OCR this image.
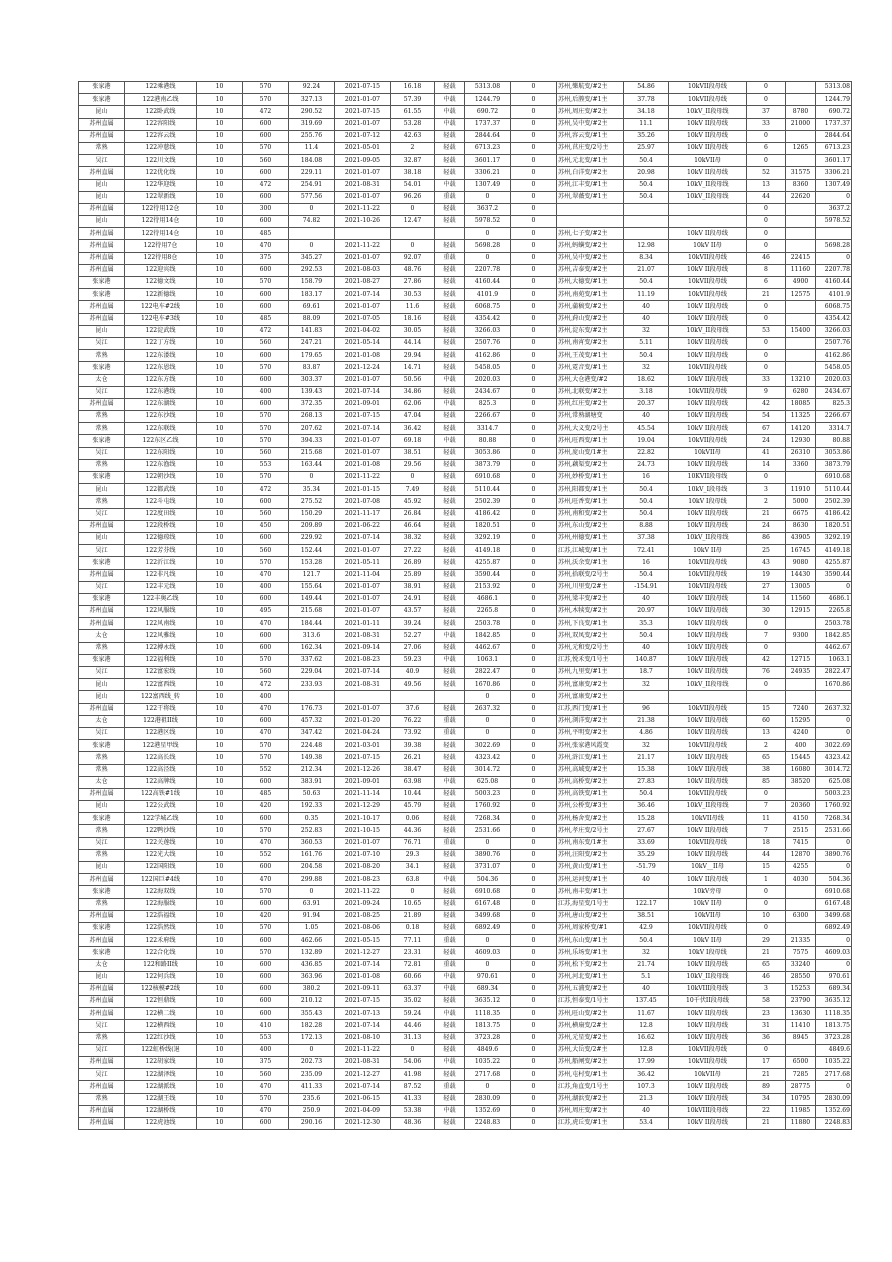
张家港	122乘港线	10	570	92.24	2021-07-15	16.18	轻载	5313.08	0	苏州,樂航变/#2主	54.86	10kVII段母线	0		5313.08
张家港	122港南乙线	10	570	327.13	2021-01-07	57.39	中载	1244.79	0	苏州,后塍变/#1主	37.78	10kVII段母线	0		1244.79
昆山	122卧武线	10	472	290.52	2021-07-15	61.55	中载	690.72	0	苏州,周庄变/#2主	34.18	10kV_II段母线	37	8780	690.72
苏州直属	122容阳线	10	600	319.69	2021-01-07	53.28	中载	1737.37	0	苏州,吴中变/#2主	11.1	10kV II段母线	33	21000	1737.37
苏州直属	122容云线	10	600	255.76	2021-07-12	42.63	轻载	2844.64	0	苏州,容云变/#1主	35.26	10kV II段母线	0		2844.64
常熟	122冲慈线	10	570	11.4	2021-05-01	2	轻载	6713.23	0	苏州,莒庄变/2号主	25.97	10kV II段母线	6	1265	6713.23
吴江	122川文线	10	560	184.08	2021-09-05	32.87	轻载	3601.17	0	苏州,元北变/#1主	50.4	10kVII母	0		3601.17
苏州直属	122优化线	10	600	229.11	2021-01-07	38.18	轻载	3306.21	0	苏州,白洋变/#2主	20.98	10kV II段母线	52	31575	3306.21
昆山	122华迎线	10	472	254.91	2021-08-31	54.01	中载	1307.49	0	苏州,江丰变/#1主	50.4	10kV_II段母线	13	8360	1307.49
昆山	122翠新线	10	600	577.56	2021-01-07	96.26	重载	0	0	苏州,翠薇变/#1主	50.4	10kV_II段母线	44	22620	0
苏州直属	122待用12仓	10	300	0	2021-11-22	0	轻载	3637.2	0				0		3637.2
昆山	122待用14仓	10	600	74.82	2021-10-26	12.47	轻载	5978.52	0				0		5978.52
苏州直属	122待用14仓	10	485					0	0	苏州,七子变/#2主		10kV II段母线	0		
苏州直属	122待用7仓	10	470	0	2021-11-22	0	轻载	5698.28	0	苏州,蚂蟥变/#2主	12.98	10kV II母	0		5698.28
苏州直属	122待用8仓	10	375	345.27	2021-01-07	92.07	重载	0	0	苏州,吴中变/#2主	8.34	10kVII段母线	46	22415	0
苏州直属	122迎宾线	10	600	292.53	2021-08-03	48.76	轻载	2207.78	0	苏州,吉泰变/#2主	21.07	10kV II段母线	8	11160	2207.78
张家港	122德文线	10	570	158.79	2021-08-27	27.86	轻载	4160.44	0	苏州,大德变/#1主	50.4	10kVII段母线	6	4900	4160.44
张家港	122新德线	10	600	183.17	2021-07-14	30.53	轻载	4101.9	0	苏州,南苑变/#1主	11.19	10kVII段母线	21	12575	4101.9
苏州直属	122电车#2线	10	600	69.61	2021-01-07	11.6	轻载	6068.75	0	苏州,蒲稿变/#2主	40	10kV II段母线	0		6068.75
苏州直属	122电车#3线	10	485	88.09	2021-07-05	18.16	轻载	4354.42	0	苏州,葑山变/#2主	40	10kV II段母线	0		4354.42
昆山	122淀武线	10	472	141.83	2021-04-02	30.05	轻载	3266.03	0	苏州,淀东变/#2主	32	10kV_II段母线	53	15400	3266.03
吴江	122丁方线	10	560	247.21	2021-05-14	44.14	轻载	2507.76	0	苏州,南宵变/#2主	5.11	10kV II段母线	0		2507.76
常熟	122东溇线	10	600	179.65	2021-01-08	29.94	轻载	4162.86	0	苏州,王茂变/#1主	50.4	10kV II段母线	0		4162.86
张家港	122东恩线	10	570	83.87	2021-12-24	14.71	轻载	5458.05	0	苏州,霓音变/#1主	32	10kVII段母线	0		5458.05
太仓	122东方线	10	600	303.37	2021-01-07	50.56	中载	2020.03	0	苏州,大仓港变/#2	18.62	10kV II段母线	33	13210	2020.03
吴江	122东港线	10	400	139.43	2021-07-14	34.86	轻载	2434.67	0	苏州,北联变/#2主	3.18	10kVII段母线	9	6280	2434.67
苏州直属	122东湖线	10	600	372.35	2021-09-01	62.06	中载	825.3	0	苏州,红庄变/#2主	20.37	10kV II段母线	42	18085	825.3
常熟	122东沙线	10	570	268.13	2021-07-15	47.04	轻载	2266.67	0	苏州,常熟湖塘变	40	10kV II段母线	54	11325	2266.67
常熟	122东联线	10	570	207.62	2021-07-14	36.42	轻载	3314.7	0	苏州,大义变/2号主	45.54	10kV II段母线	67	14120	3314.7
张家港	122东区乙线	10	570	394.33	2021-01-07	69.18	中载	80.88	0	苏州,旺西变/#1主	19.04	10kVII段母线	24	12930	80.88
吴江	122东阳线	10	560	215.68	2021-01-07	38.51	轻载	3053.86	0	苏州,庞山变/1#主	22.82	10kVII母	41	26310	3053.86
常熟	122东渔线	10	553	163.44	2021-01-08	29.56	轻载	3873.79	0	苏州,藕渠变/#2主	24.73	10kV II段母线	14	3360	3873.79
张家港	122朝沙线	10	570	0	2021-11-22	0	轻载	6910.68	0	苏州,妙桥变/#1主	16	10KVII段母线	0		6910.68
昆山	122都武线	10	472	35.34	2021-01-15	7.49	轻载	5110.44	0	苏州,阳都变/#1主	50.4	10kV_I段母线	3	11910	5110.44
常熟	122斗屯线	10	600	275.52	2021-07-08	45.92	轻载	2502.39	0	苏州,旺香变/#1主	50.4	10kV I段母线	2	5000	2502.39
吴江	122度田线	10	560	150.29	2021-11-17	26.84	轻载	4186.42	0	苏州,南和变/#2主	50.4	10kV II段母线	21	6675	4186.42
苏州直属	122段桥线	10	450	209.89	2021-06-22	46.64	轻载	1820.51	0	苏州,东山变/#2主	8.88	10kV II段母线	24	8630	1820.51
昆山	122德琼线	10	600	229.92	2021-07-14	38.32	轻载	3292.19	0	苏州,州德变/#1主	37.38	10kV_II段母线	86	43905	3292.19
吴江	122芳芬线	10	560	152.44	2021-01-07	27.22	轻载	4149.18	0	江苏,江城变/#1主	72.41	10kV II母	25	16745	4149.18
张家港	122沂江线	10	570	153.28	2021-05-11	26.89	轻载	4255.87	0	苏州,沃余变/#1主	16	10kVII段母线	43	9080	4255.87
苏州直属	122非凡线	10	470	121.7	2021-11-04	25.89	轻载	3590.44	0	苏州,拾联变/2号主	50.4	10kVII段母线	19	14430	3590.44
吴江	122丰元线	10	400	155.64	2021-01-07	38.91	轻载	2153.92	0	苏州,川里变/2#主	-154.91	10kVII段母线	27	13005	0
张家港	122丰奥乙线	10	600	149.44	2021-01-07	24.91	轻载	4686.1	0	苏州,梁丰变/#2主	40	10kV II段母线	14	11560	4686.1
苏州直属	122风服线	10	495	215.68	2021-01-07	43.57	轻载	2265.8	0	苏州,木犊变/#2主	20.97	10kV II段母线	30	12915	2265.8
苏州直属	122风南线	10	470	184.44	2021-01-11	39.24	轻载	2503.78	0	苏州,下良变/#1主	35.3	10kV II段母线	0		2503.78
太仓	122风雅线	10	600	313.6	2021-08-31	52.27	中载	1842.85	0	苏州,双凤变/#2主	50.4	10kV II段母线	7	9300	1842.85
常熟	122搏永线	10	600	162.34	2021-09-14	27.06	轻载	4462.67	0	苏州,元和变/2号主	40	10kV II段母线	0		4462.67
张家港	122福利线	10	570	337.62	2021-08-23	59.23	中载	1063.1	0	江苏,悦禾变/1号主	140.87	10kV II段母线	42	12715	1063.1
吴江	122富宏线	10	560	229.04	2021-07-14	40.9	轻载	2822.47	0	苏州,九里变/#1主	18.7	10kV II段母线	76	24935	2822.47
昆山	122富西线	10	472	233.93	2021-08-31	49.56	轻载	1670.86	0	苏州,富康变/#2主	32	10kV_II段母线	0		1670.86
昆山	122富西线_转	10	400					0	0	苏州,富康变/#2主					
苏州直属	122干将线	10	470	176.73	2021-01-07	37.6	轻载	2637.32	0	江苏,西门变/#1主	96	10kVII段母线	15	7240	2637.32
太仓	122港祖II线	10	600	457.32	2021-01-20	76.22	重载	0	0	苏州,浏洋变/#2主	21.38	10kV II段母线	60	15295	0
吴江	122港区线	10	470	347.42	2021-04-24	73.92	重载	0	0	苏州,平明变/#2主	4.86	10kV II段母线	13	4240	0
张家港	122港星甲线	10	570	224.48	2021-03-01	39.38	轻载	3022.69	0	苏州,张家港风霞变	32	10kVII段母线	2	400	3022.69
常熟	122高长线	10	570	149.38	2021-07-15	26.21	轻载	4323.42	0	苏州,浒江变/#1主	21.17	10kV II段母线	65	15445	4323.42
常熟	122高泾线	10	552	212.34	2021-12-26	38.47	轻载	3014.72	0	苏州,高域变/#2主	15.38	10kV II段母线	38	16080	3014.72
太仓	122高牌线	10	600	383.91	2021-09-01	63.98	中载	625.08	0	苏州,高桥变/#2主	27.83	10kV II段母线	85	38520	625.08
苏州直属	122高铁#1线	10	485	50.63	2021-11-14	10.44	轻载	5003.23	0	苏州,高铁变/#1主	50.4	10kVII段母线	0		5003.23
昆山	122公武线	10	420	192.33	2021-12-29	45.79	轻载	1760.92	0	苏州,公桥变/#3主	36.46	10kV_II段母线	7	20360	1760.92
张家港	122学城乙线	10	600	0.35	2021-10-17	0.06	轻载	7268.34	0	苏州,杨舍变/#2主	15.28	10kVII母线	11	4150	7268.34
常熟	122鸭沙线	10	570	252.83	2021-10-15	44.36	轻载	2531.66	0	苏州,孝庄变/2号主	27.67	10kV II段母线	7	2515	2531.66
吴江	122关莲线	10	470	360.53	2021-01-07	76.71	重载	0	0	苏州,南东变/1#主	33.69	10kVII段母线	18	7415	0
常熟	122光大线	10	552	161.76	2021-07-10	29.3	轻载	3890.76	0	苏州,汪阳变/#2主	35.29	10kV II段母线	44	12870	3890.76
昆山	122国阳线	10	600	204.58	2021-08-20	34.1	轻载	3731.07	0	苏州,黄山变/#1主	-51.79	10kV__II母	15	4255	0
苏州直属	122国巨#4线	10	470	299.88	2021-08-23	63.8	中载	504.36	0	苏州,运河变/#1主	40	10kV II段母线	1	4030	504.36
张家港	122海双线	10	570	0	2021-11-22	0	轻载	6910.68	0	苏州,南丰变/#1主		10kV旁母	0		6910.68
常熟	122海服线	10	600	63.91	2021-09-24	10.65	轻载	6167.48	0	江苏,海星变/1号主	122.17	10kV II母	0		6167.48
苏州直属	122浩福线	10	420	91.94	2021-08-25	21.89	轻载	3499.68	0	苏州,唐山变/#2主	38.51	10kVII母	10	6300	3499.68
张家港	122浩然线	10	570	1.05	2021-08-06	0.18	轻载	6892.49	0	苏州,周家桥变/#1	42.9	10kVII段母线	0		6892.49
苏州直属	122禾府线	10	600	462.66	2021-05-15	77.11	重载	0	0	苏州,东山变/#1主	50.4	10kV II母	29	21335	0
张家港	122合化线	10	570	132.89	2021-12-27	23.31	轻载	4609.03	0	苏州,乐场变/#1主	32	10kV I段母线	21	7575	4609.03
太仓	122和路II线	10	600	436.85	2021-07-14	72.81	重载	0	0	苏州,松下变/#2主	21.74	10kV II段母线	65	33240	0
昆山	122何兵线	10	600	363.96	2021-01-08	60.66	中载	970.61	0	苏州,河北变/#1主	5.1	10kV_II段母线	46	28550	970.61
苏州直属	122核模#2线	10	600	380.2	2021-09-11	63.37	中载	689.34	0	苏州,五浦变/#2主	40	10kVIII段母线	3	15253	689.34
苏州直属	122恒鼎线	10	600	210.12	2021-07-15	35.02	轻载	3635.12	0	江苏,恒泰变/1号主	137.45	10千伏II段母线	58	23790	3635.12
苏州直属	122横二线	10	600	355.43	2021-07-13	59.24	中载	1118.35	0	苏州,旺山变/#2主	11.67	10kV II段母线	23	13630	1118.35
吴江	122横西线	10	410	182.28	2021-07-14	44.46	轻载	1813.75	0	苏州,横扇变/2#主	12.8	10kV II段母线	31	11410	1813.75
常熟	122红沙线	10	553	172.13	2021-08-10	31.13	轻载	3723.28	0	苏州,元星变/#2主	16.62	10kV II段母线	36	8945	3723.28
吴江	122虹桥线(退	10	400	0	2021-11-22	0	轻载	4849.6	0	苏州,大岳变/2#主	12.8	10kVII段母线	0		4849.6
苏州直属	122胡家线	10	375	202.73	2021-08-31	54.06	中载	1035.22	0	苏州,船闸变/#2主	17.99	10kVII段母线	17	6500	1035.22
吴江	122湖泽线	10	560	235.09	2021-12-27	41.98	轻载	2717.68	0	苏州,屯村变/#1主	36.42	10kVII母	21	7285	2717.68
苏州直属	122湖派线	10	470	411.33	2021-07-14	87.52	重载	0	0	江苏,角直变/1号主	107.3	10kV II段母线	89	28775	0
常熟	122湖王线	10	570	235.6	2021-06-15	41.33	轻载	2830.09	0	苏州,湖浜变/#2主	21.3	10kV II段母线	34	10795	2830.09
苏州直属	122湖桥线	10	470	250.9	2021-04-09	53.38	中载	1352.69	0	苏州,周庄变/#2主	40	10kVIII段母线	22	11985	1352.69
苏州直属	122虎池线	10	600	290.16	2021-12-30	48.36	轻载	2248.83	0	江苏,虎丘变/#1主	53.4	10kV II段母线	21	11880	2248.83
